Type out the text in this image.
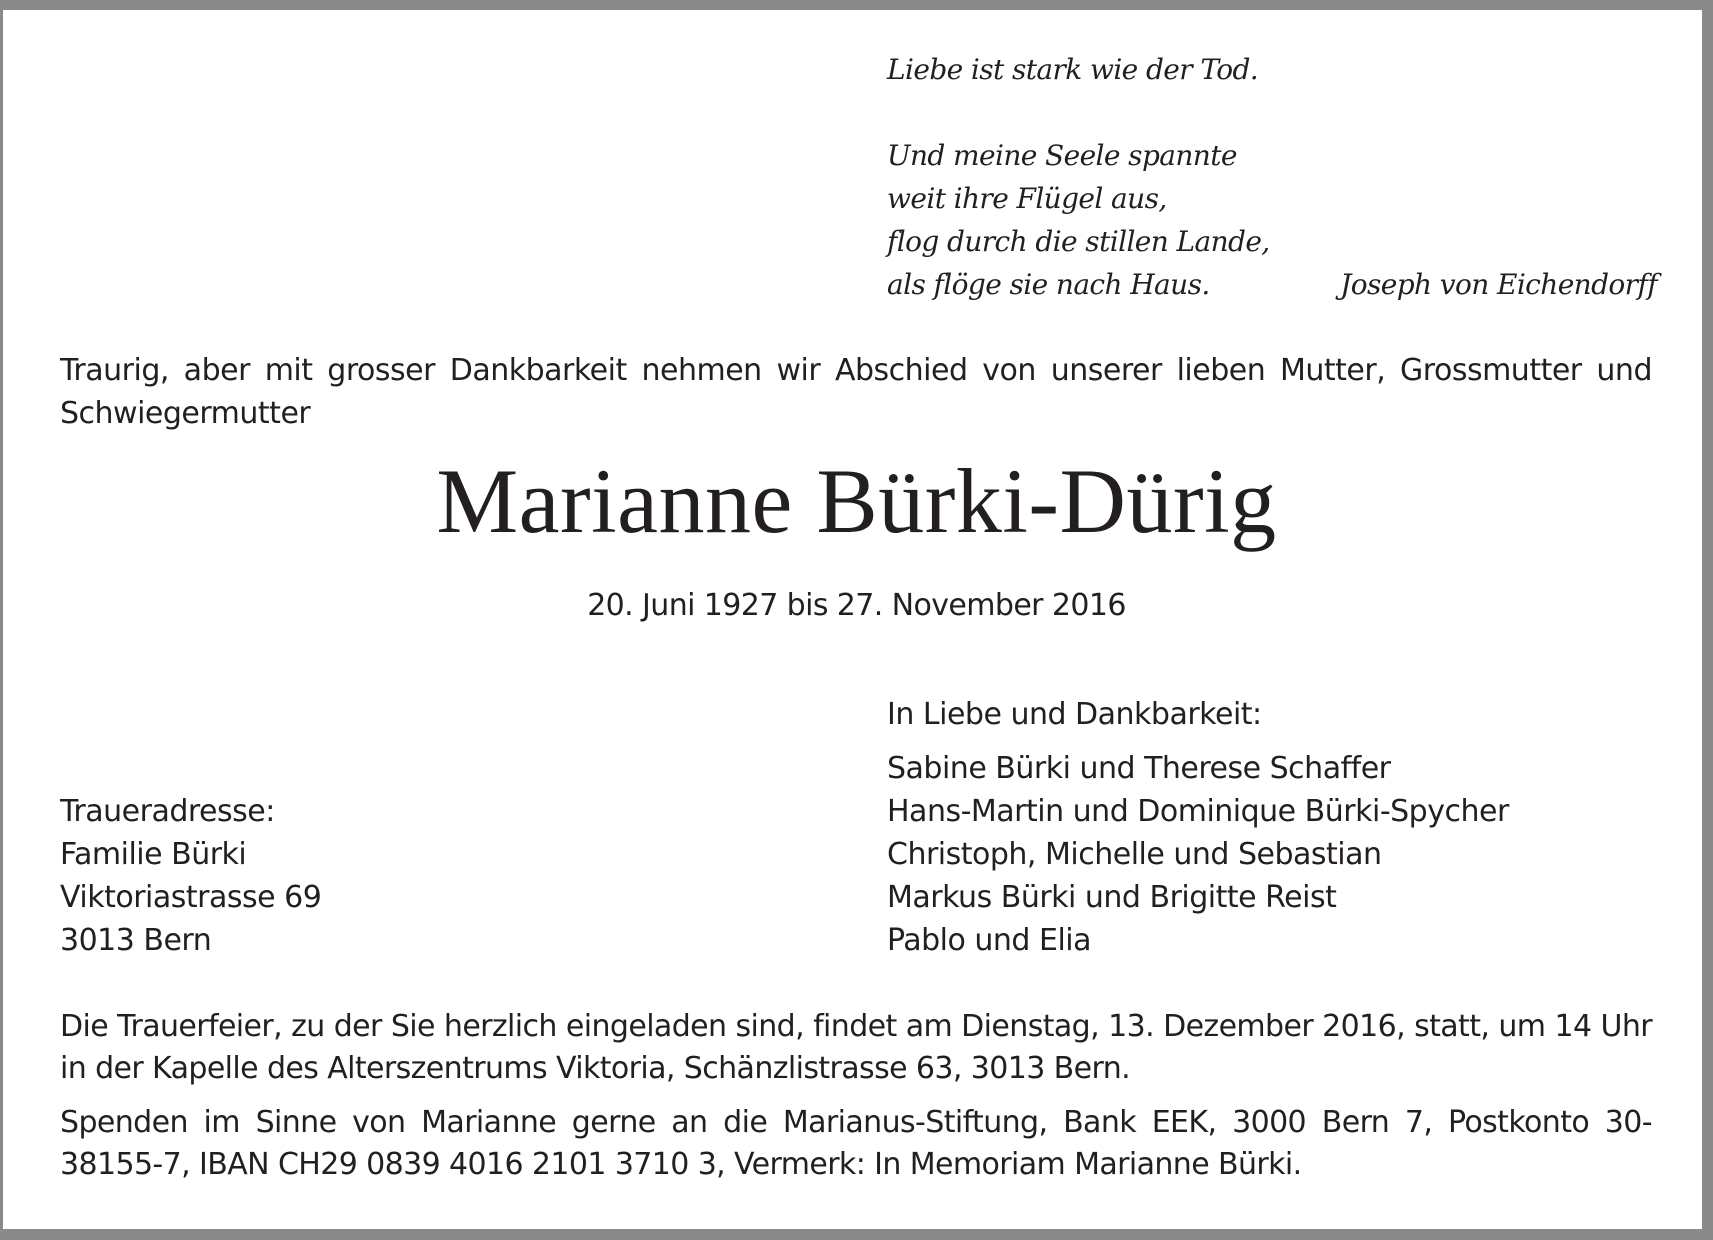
Liebe ist stark wie der Tod.
Und meine Seele spannte
weit ihre Flügel aus,
flog durch die stillen Lande,
als flöge sie nach Haus.	Joseph von Eichendorff

Traurig, aber mit grosser Dankbarkeit nehmen wir Abschied von unserer lieben Mutter, Grossmutter und Schwiegermutter

Marianne Bürki-Dürig
20. Juni 1927 bis 27. November 2016
In Liebe und Dankbarkeit:
Sabine Bürki und Therese Schaffer
Hans-Martin und Dominique Bürki-Spycher
Christoph, Michelle und Sebastian
Markus Bürki und Brigitte Reist
Pablo und Elia
Traueradresse:
Familie Bürki
Viktoriastrasse 69
3013 Bern

Die Trauerfeier, zu der Sie herzlich eingeladen sind, findet am Dienstag, 13. Dezember 2016, statt, um 14 Uhr in der Kapelle des Alterszentrums Viktoria, Schänzlistrasse 63, 3013 Bern.

Spenden im Sinne von Marianne gerne an die Marianus-Stiftung, Bank EEK, 3000 Bern 7, Postkonto 30-38155-7, IBAN CH29 0839 4016 2101 3710 3, Vermerk: In Memoriam Marianne Bürki.
